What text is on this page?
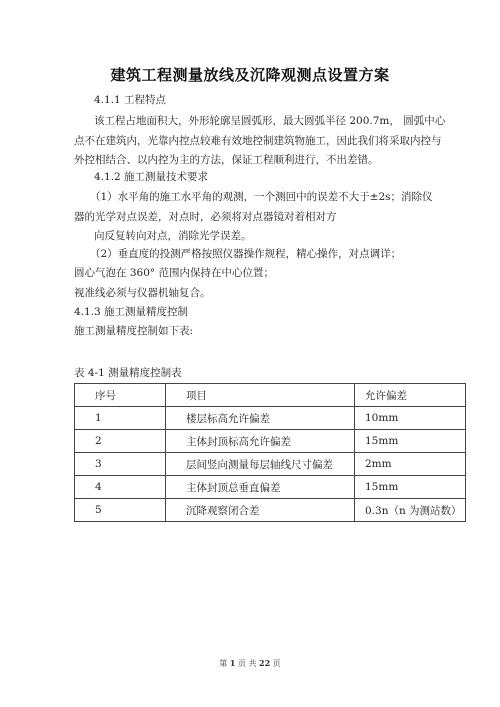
建筑工程测量放线及沉降观测点设置方案
4.1.1 工程特点
该工程占地面积大，外形轮廓呈圆弧形，最大圆弧半径 200.7m， 圆弧中心
点不在建筑内，光靠内控点较难有效地控制建筑物施工，因此我们将采取内控与
外控相结合、以内控为主的方法，保证工程顺利进行，不出差错。
4.1.2 施工测量技术要求
（1）水平角的施工水平角的观测，一个测回中的误差不大于±2s；消除仪
器的光学对点误差，对点时，必须将对点器镜对着相对方
向反复转向对点，消除光学误差。
（2）垂直度的投测严格按照仪器操作规程，精心操作，对点调详；
圆心气泡在 360° 范围内保持在中心位置；
视准线必须与仪器机轴复合。
4.1.3 施工测量精度控制
施工测量精度控制如下表:
表 4-1 测量精度控制表
序号	项目	允许偏差
1	楼层标高允许偏差	10mm
2	主体封顶标高允许偏差	15mm
3	层间竖向测量每层轴线尺寸偏差	2mm
4	主体封顶总垂直偏差	15mm
5	沉降观察闭合差	0.3n（n 为测站数）
第 1 页 共 22 页
